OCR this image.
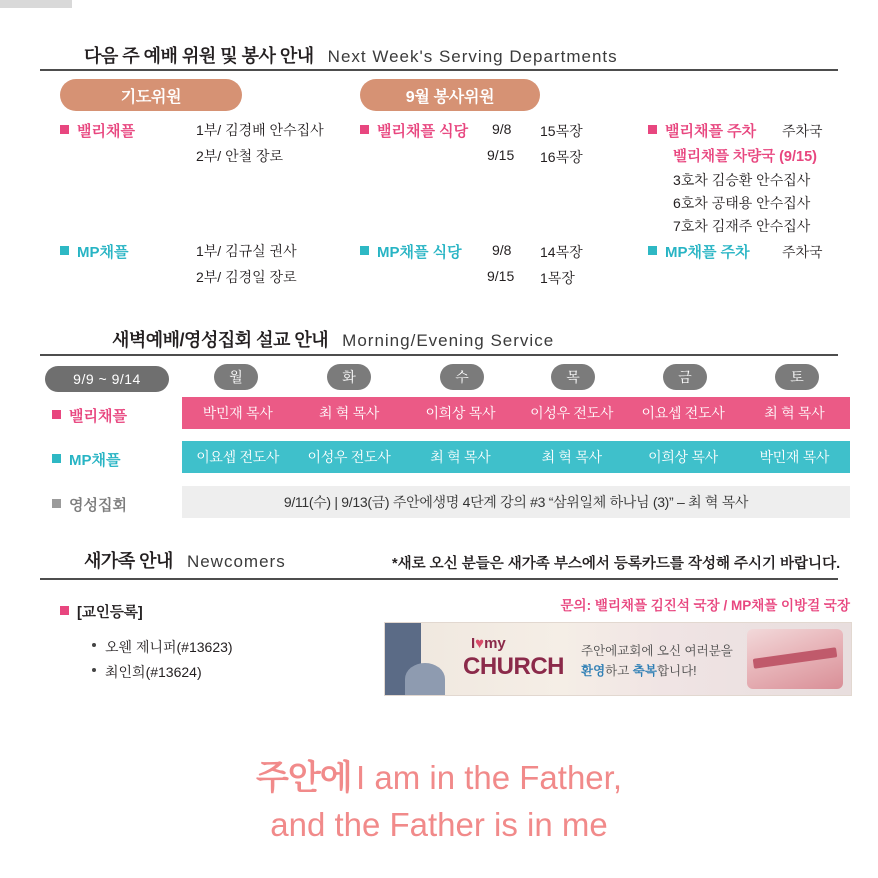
다음 주 예배 위원 및 봉사 안내 Next Week's Serving Departments
기도위원	9월 봉사위원
밸리채플	1부/ 김경배 안수집사
2부/ 안철 장로
MP채플	1부/ 김규실 권사
2부/ 김경일 장로
밸리채플 식당 9/8 15목장
9/15 16목장
MP채플 식당 9/8 14목장
9/15 1목장
밸리채플 주차 주차국
밸리채플 차량국 (9/15)
3호차 김승환 안수집사
6호차 공태용 안수집사
7호차 김재주 안수집사
MP채플 주차 주차국
새벽예배/영성집회 설교 안내 Morning/Evening Service
9/9 ~ 9/14	월	화	수	목	금	토
밸리채플	박민재 목사	최 혁 목사	이희상 목사	이성우 전도사	이요셉 전도사	최 혁 목사
MP채플	이요셉 전도사	이성우 전도사	최 혁 목사	최 혁 목사	이희상 목사	박민재 목사
영성집회	9/11(수) | 9/13(금) 주안에생명 4단계 강의 #3 “삼위일체 하나님 (3)” – 최 혁 목사
새가족 안내 Newcomers	*새로 오신 분들은 새가족 부스에서 등록카드를 작성해 주시기 바랍니다.
문의: 밸리채플 김진석 국장 / MP채플 이방걸 국장
[교인등록]
오웬 제니퍼(#13623)
최인희(#13624)
I♥my
CHURCH
주안에교회에 오신 여러분을
환영하고 축복합니다!
주안에 I am in the Father,
and the Father is in me
